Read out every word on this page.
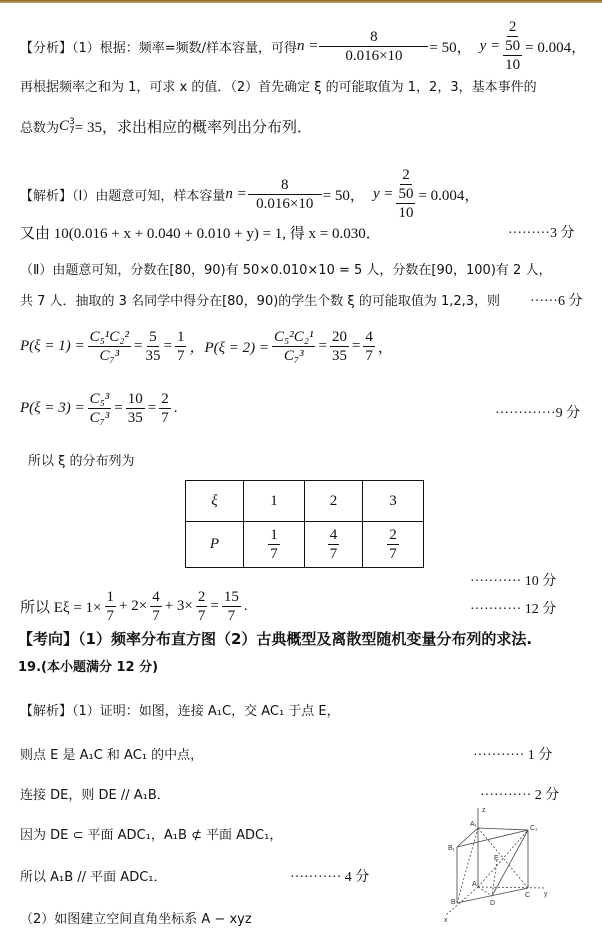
【分析】（1）根据：频率=频数/样本容量，可得 $n = \frac{8}{0.016\times 10} = 50$， $y = \frac{\frac{2}{50}}{10} = 0.004$，
再根据频率之和为 1，可求 x 的值．（2）首先确定 ξ 的可能取值为 1，2，3，基本事件的
总数为 C 3
7 = 35，求出相应的概率列出分布列．
【解析】（Ⅰ）由题意可知，样本容量 $n = \frac{8}{0.016\times 10} = 50$， $y = \frac{\frac{2}{50}}{10} = 0.004$，
又由 10(0.016 + x + 0.040 + 0.010 + y) = 1, 得 x = 0.030．	·········3 分
（Ⅱ）由题意可知，分数在[80，90)有 50×0.010×10 = 5 人，分数在[90，100)有 2 人，
共 7 人．抽取的 3 名同学中得分在[80，90)的学生个数 ξ 的可能取值为 1,2,3，则 ······6 分
$P(\xi = 1) = \frac{\text{C₅¹C₂²}}{\text{C₇³}} = \frac{5}{35} = \frac{1}{7}$ ，$P(\xi = 2) = \frac{\text{C₅²C₂¹}}{\text{C₇³}} = \frac{20}{35} = \frac{4}{7}$ ，
$P(\xi = 3) = \frac{\text{C₅³}}{\text{C₇³}} = \frac{10}{35} = \frac{2}{7}$ .	·············9 分
所以 ξ 的分布列为
ξ	1	2	3
P	$\frac{1}{7}$	$\frac{4}{7}$	$\frac{2}{7}$
··········· 10 分
所以 $E\xi = 1\times \frac{1}{7} + 2\times \frac{4}{7} + 3\times \frac{2}{7} = \frac{15}{7}$ .	··········· 12 分
【考向】（1）频率分布直方图（2）古典概型及离散型随机变量分布列的求法.
19.(本小题满分 12 分)
【解析】（1）证明：如图，连接 A₁C，交 AC₁ 于点 E，
则点 E 是 A₁C 和 AC₁ 的中点，	··········· 1 分
连接 DE，则 DE // A₁B．	··········· 2 分
因为 DE ⊂ 平面 ADC₁，A₁B ⊄ 平面 ADC₁，
所以 A₁B // 平面 ADC₁．	··········· 4 分
（2）如图建立空间直角坐标系 A − xyz
z
y
x
A₁
C₁
B₁
E
A
C
B	D
